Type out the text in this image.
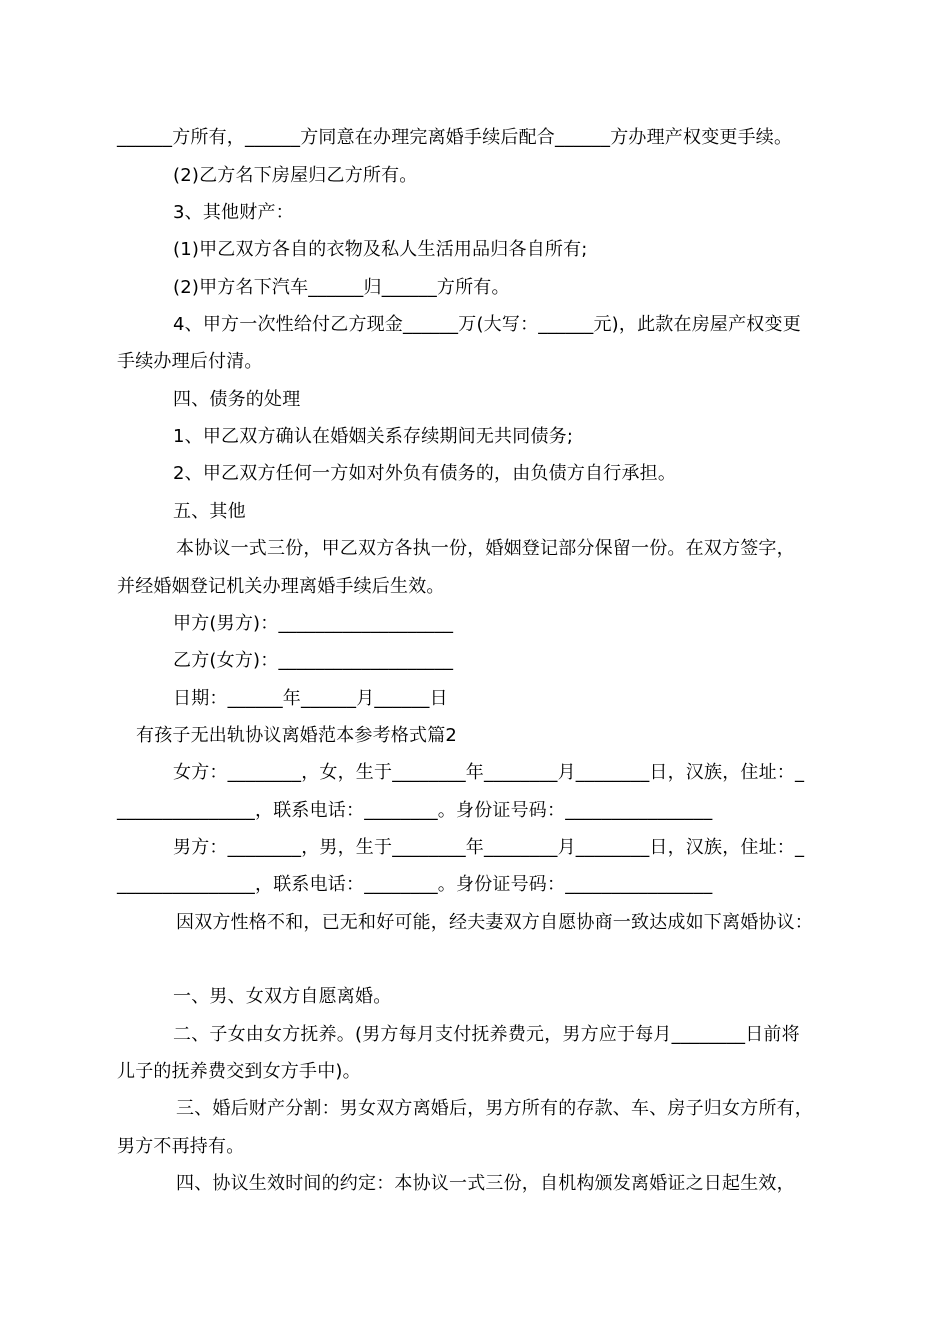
______方所有，______方同意在办理完离婚手续后配合______方办理产权变更手续。
(2)乙方名下房屋归乙方所有。
3、其他财产：
(1)甲乙双方各自的衣物及私人生活用品归各自所有;
(2)甲方名下汽车______归______方所有。
4、甲方一次性给付乙方现金______万(大写：______元)，此款在房屋产权变更
手续办理后付清。
四、债务的处理
1、甲乙双方确认在婚姻关系存续期间无共同债务;
2、甲乙双方任何一方如对外负有债务的，由负债方自行承担。
五、其他
本协议一式三份，甲乙双方各执一份，婚姻登记部分保留一份。在双方签字，
并经婚姻登记机关办理离婚手续后生效。
甲方(男方)：___________________
乙方(女方)：___________________
日期：______年______月______日
有孩子无出轨协议离婚范本参考格式篇2
女方：________，女，生于________年________月________日，汉族，住址：_
_______________，联系电话：________。身份证号码：________________
男方：________，男，生于________年________月________日，汉族，住址：_
_______________，联系电话：________。身份证号码：________________
因双方性格不和，已无和好可能，经夫妻双方自愿协商一致达成如下离婚协议：
一、男、女双方自愿离婚。
二、子女由女方抚养。(男方每月支付抚养费元，男方应于每月________日前将
儿子的抚养费交到女方手中)。
三、婚后财产分割：男女双方离婚后，男方所有的存款、车、房子归女方所有，
男方不再持有。
四、协议生效时间的约定：本协议一式三份，自机构颁发离婚证之日起生效，
